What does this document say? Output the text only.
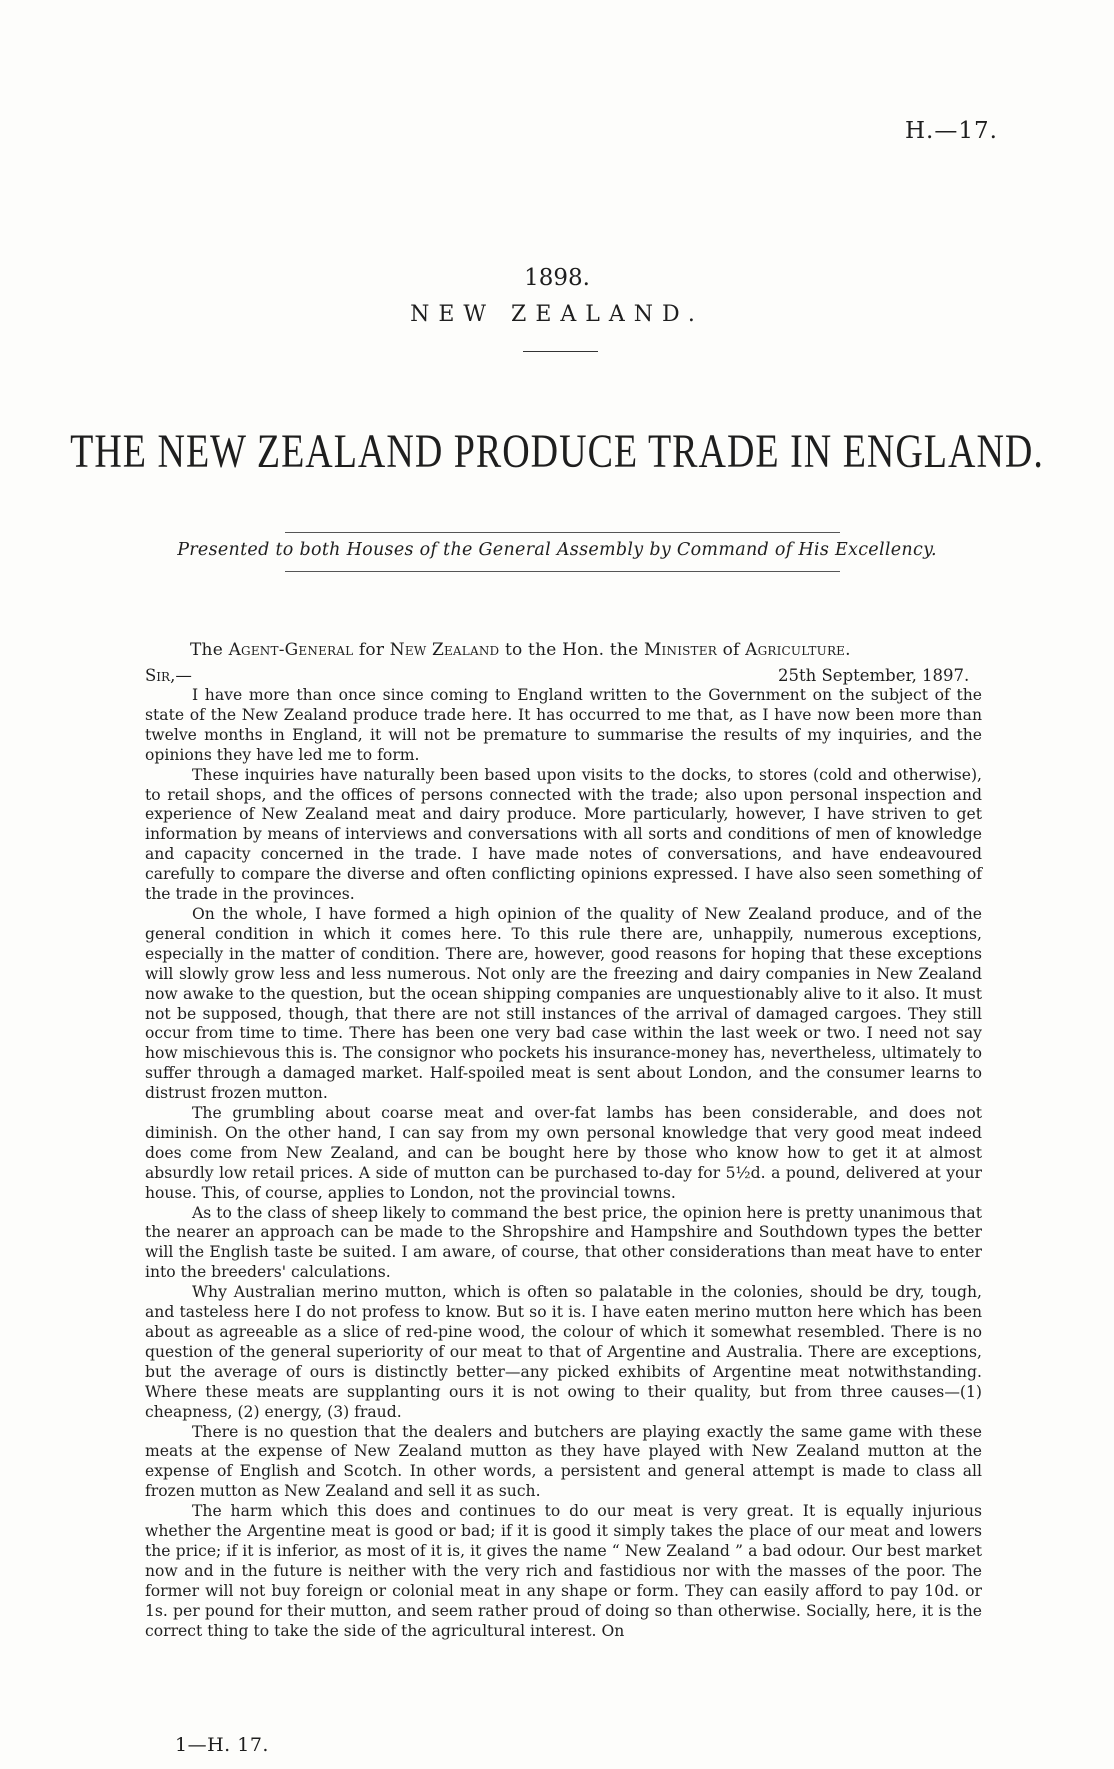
H.—17.
1898.
NEW ZEALAND.
THE NEW ZEALAND PRODUCE TRADE IN ENGLAND.
Presented to both Houses of the General Assembly by Command of His Excellency.
The Agent-General for New Zealand to the Hon. the Minister of Agriculture.
Sir,—	25th September, 1897.

I have more than once since coming to England written to the Government on the subject of the state of the New Zealand produce trade here. It has occurred to me that, as I have now been more than twelve months in England, it will not be premature to summarise the results of my inquiries, and the opinions they have led me to form.

These inquiries have naturally been based upon visits to the docks, to stores (cold and otherwise), to retail shops, and the offices of persons connected with the trade; also upon personal inspection and experience of New Zealand meat and dairy produce. More particularly, however, I have striven to get information by means of interviews and conversations with all sorts and conditions of men of knowledge and capacity concerned in the trade. I have made notes of conversations, and have endeavoured carefully to compare the diverse and often conflicting opinions expressed. I have also seen something of the trade in the provinces.

On the whole, I have formed a high opinion of the quality of New Zealand produce, and of the general condition in which it comes here. To this rule there are, unhappily, numerous exceptions, especially in the matter of condition. There are, however, good reasons for hoping that these exceptions will slowly grow less and less numerous. Not only are the freezing and dairy companies in New Zealand now awake to the question, but the ocean shipping companies are unquestionably alive to it also. It must not be supposed, though, that there are not still instances of the arrival of damaged cargoes. They still occur from time to time. There has been one very bad case within the last week or two. I need not say how mischievous this is. The consignor who pockets his insurance-money has, nevertheless, ultimately to suffer through a damaged market. Half-spoiled meat is sent about London, and the consumer learns to distrust frozen mutton.

The grumbling about coarse meat and over-fat lambs has been considerable, and does not diminish. On the other hand, I can say from my own personal knowledge that very good meat indeed does come from New Zealand, and can be bought here by those who know how to get it at almost absurdly low retail prices. A side of mutton can be purchased to-day for 5½d. a pound, delivered at your house. This, of course, applies to London, not the provincial towns.

As to the class of sheep likely to command the best price, the opinion here is pretty unanimous that the nearer an approach can be made to the Shropshire and Hampshire and Southdown types the better will the English taste be suited. I am aware, of course, that other considerations than meat have to enter into the breeders' calculations.

Why Australian merino mutton, which is often so palatable in the colonies, should be dry, tough, and tasteless here I do not profess to know. But so it is. I have eaten merino mutton here which has been about as agreeable as a slice of red-pine wood, the colour of which it somewhat resembled. There is no question of the general superiority of our meat to that of Argentine and Australia. There are exceptions, but the average of ours is distinctly better—any picked exhibits of Argentine meat notwithstanding. Where these meats are supplanting ours it is not owing to their quality, but from three causes—(1) cheapness, (2) energy, (3) fraud.

There is no question that the dealers and butchers are playing exactly the same game with these meats at the expense of New Zealand mutton as they have played with New Zealand mutton at the expense of English and Scotch. In other words, a persistent and general attempt is made to class all frozen mutton as New Zealand and sell it as such.

The harm which this does and continues to do our meat is very great. It is equally injurious whether the Argentine meat is good or bad; if it is good it simply takes the place of our meat and lowers the price; if it is inferior, as most of it is, it gives the name “ New Zealand ” a bad odour. Our best market now and in the future is neither with the very rich and fastidious nor with the masses of the poor. The former will not buy foreign or colonial meat in any shape or form. They can easily afford to pay 10d. or 1s. per pound for their mutton, and seem rather proud of doing so than otherwise. Socially, here, it is the correct thing to take the side of the agricultural interest. On

1—H. 17.
